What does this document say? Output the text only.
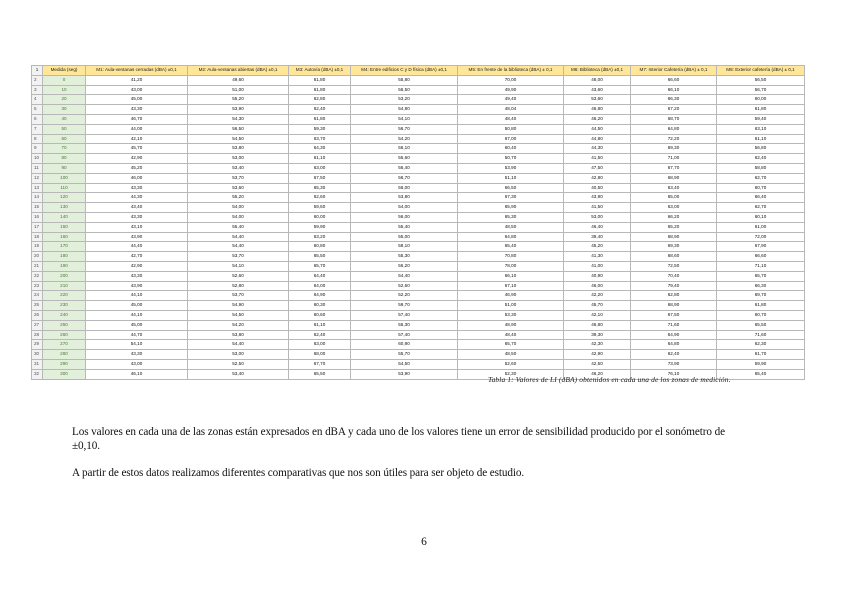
1	Medida (seg)	M1: Aula-ventanas cerradas (dBA) ±0,1	M2: Aula-ventanas abiertas (dBA) ±0,1	M3: Autovía (dBA) ±0,1	M4: Entre edificios C y D física (dBA) ±0,1	M5: En frente de la biblioteca (dBA) ± 0,1	M6: Biblioteca (dBA) ±0,1	M7: Interior Cafetería (dBA) ± 0,1	M8: Exterior cafetería (dBA) ± 0,1
2	0	41,20	49,60	61,80	55,80	70,00	46,00	66,60	56,50
3	10	43,00	51,00	61,80	56,50	49,90	43,60	66,10	56,70
4	20	45,00	55,20	62,80	53,20	49,40	53,60	66,30	60,00
5	30	43,30	53,90	62,40	54,80	48,04	46,80	67,20	61,80
6	40	46,70	54,30	61,80	54,10	48,40	46,20	68,70	59,40
7	50	44,00	56,50	59,30	56,70	50,80	44,50	64,80	63,10
8	60	42,10	54,50	63,70	54,20	67,00	44,80	72,20	61,10
9	70	45,70	53,80	64,30	56,10	60,40	44,30	69,30	56,80
10	80	42,90	53,00	61,10	55,60	50,70	41,50	71,00	62,40
11	90	45,20	53,40	63,00	56,40	53,90	47,50	67,70	58,80
12	100	46,00	53,70	67,50	56,70	51,10	42,80	68,90	62,70
13	110	43,30	53,60	65,30	56,00	66,50	40,50	63,40	60,70
14	120	44,30	55,20	62,60	53,80	67,30	43,90	65,00	66,40
15	130	43,40	54,00	59,60	54,00	65,90	41,50	63,00	62,70
16	140	43,30	54,00	60,00	56,00	65,30	53,00	66,20	60,10
17	150	43,10	55,40	59,90	55,40	48,50	46,40	65,20	61,00
18	160	43,90	54,40	63,20	55,00	64,80	39,40	68,90	72,00
19	170	44,40	54,40	60,80	58,10	65,40	45,20	69,30	67,90
20	180	42,70	53,70	65,50	55,30	70,80	41,30	68,60	66,60
21	190	42,90	54,10	65,70	56,20	78,00	41,00	72,50	71,10
22	200	43,30	52,60	64,40	54,40	66,10	40,90	70,40	65,70
23	210	43,90	52,80	64,00	52,60	67,10	46,00	79,40	66,30
24	220	44,10	53,70	64,90	52,20	46,90	42,20	62,80	69,70
25	230	45,00	54,90	60,30	59,70	51,00	45,70	68,90	61,80
26	240	44,10	54,50	60,60	57,40	53,30	42,10	67,50	60,70
27	250	45,00	54,20	61,10	55,30	48,90	46,80	71,60	65,50
28	260	44,70	53,80	62,40	57,40	48,40	39,30	64,90	71,60
29	270	54,10	54,40	63,00	60,90	65,70	42,30	64,80	62,30
30	280	43,30	53,00	68,00	55,70	48,50	42,90	62,40	61,70
31	290	43,00	52,50	67,70	54,50	52,60	42,50	73,90	59,90
32	300	46,10	53,40	65,50	53,90	52,30	46,20	76,10	65,40
Tabla 1: Valores de LI (dBA) obtenidos en cada una de los zonas de medición.

Los valores en cada una de las zonas están expresados en dBA y cada uno de los valores tiene un error de sensibilidad producido por el sonómetro de ±0,10.

A partir de estos datos realizamos diferentes comparativas que nos son útiles para ser objeto de estudio.

6
